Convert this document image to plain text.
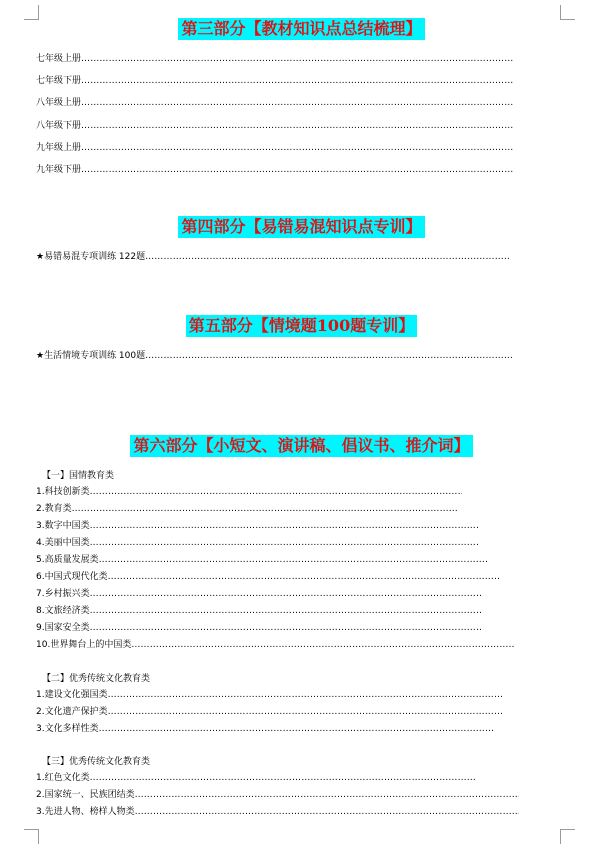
第三部分【教材知识点总结梳理】
七年级上册……………………………………………………………………………………………………………………………………………………………………………………………………………………
七年级下册……………………………………………………………………………………………………………………………………………………………………………………………………………………
八年级上册……………………………………………………………………………………………………………………………………………………………………………………………………………………
八年级下册……………………………………………………………………………………………………………………………………………………………………………………………………………………
九年级上册……………………………………………………………………………………………………………………………………………………………………………………………………………………
九年级下册……………………………………………………………………………………………………………………………………………………………………………………………………………………
第四部分【易错易混知识点专训】
★易错易混专项训练 122题……………………………………………………………………………………………………………………………………………………………………………………………………………………
第五部分【情境题100题专训】
★生活情境专项训练 100题……………………………………………………………………………………………………………………………………………………………………………………………………………………
第六部分【小短文、演讲稿、倡议书、推介词】
【一】国情教育类
1.科技创新类……………………………………………………………………………………………………………………………………………………………………………………………………………………
2.教育类……………………………………………………………………………………………………………………………………………………………………………………………………………………
3.数字中国类……………………………………………………………………………………………………………………………………………………………………………………………………………………
4.美丽中国类……………………………………………………………………………………………………………………………………………………………………………………………………………………
5.高质量发展类……………………………………………………………………………………………………………………………………………………………………………………………………………………
6.中国式现代化类……………………………………………………………………………………………………………………………………………………………………………………………………………………
7.乡村振兴类……………………………………………………………………………………………………………………………………………………………………………………………………………………
8.文旅经济类……………………………………………………………………………………………………………………………………………………………………………………………………………………
9.国家安全类……………………………………………………………………………………………………………………………………………………………………………………………………………………
10.世界舞台上的中国类……………………………………………………………………………………………………………………………………………………………………………………………………………………
【二】优秀传统文化教育类
1.建设文化强国类……………………………………………………………………………………………………………………………………………………………………………………………………………………
2.文化遗产保护类……………………………………………………………………………………………………………………………………………………………………………………………………………………
3.文化多样性类……………………………………………………………………………………………………………………………………………………………………………………………………………………
【三】优秀传统文化教育类
1.红色文化类……………………………………………………………………………………………………………………………………………………………………………………………………………………
2.国家统一、民族团结类……………………………………………………………………………………………………………………………………………………………………………………………………………………
3.先进人物、榜样人物类……………………………………………………………………………………………………………………………………………………………………………………………………………………
